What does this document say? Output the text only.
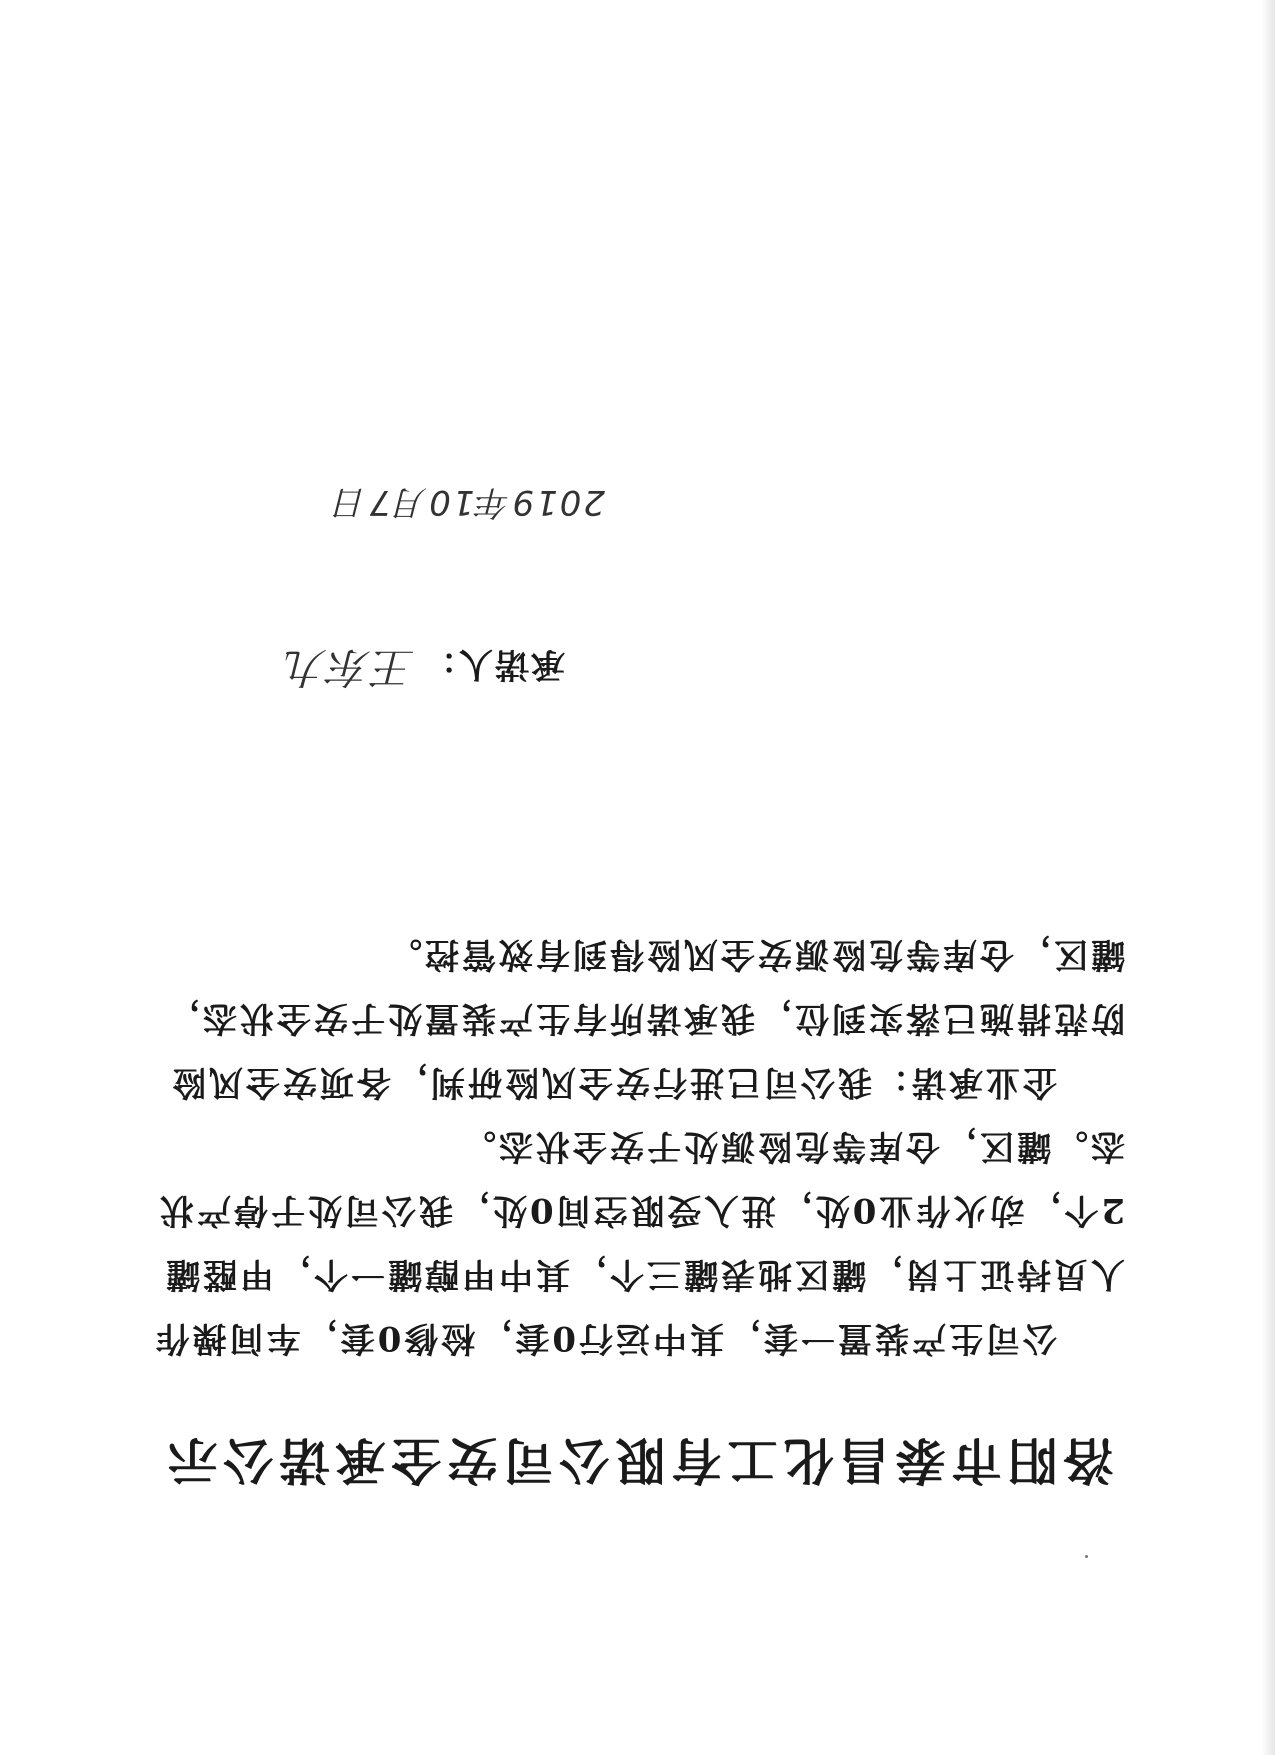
洛阳市泰昌化工有限公司安全承诺公示

公司生产装置一套，其中运行0套，检修0套，车间操作人员持证上岗，罐区地表罐三个，其中甲醇罐一个，甲醛罐2个，动火作业0处，进入受限空间0处，我公司处于停产状态。罐区，仓库等危险源处于安全状态。

企业承诺：我公司已进行安全风险研判，各项安全风险防范措施已落实到位，我承诺所有生产装置处于安全状态，罐区，仓库等危险源安全风险得到有效管控。

承诺人：王东九
2019年10月7日
